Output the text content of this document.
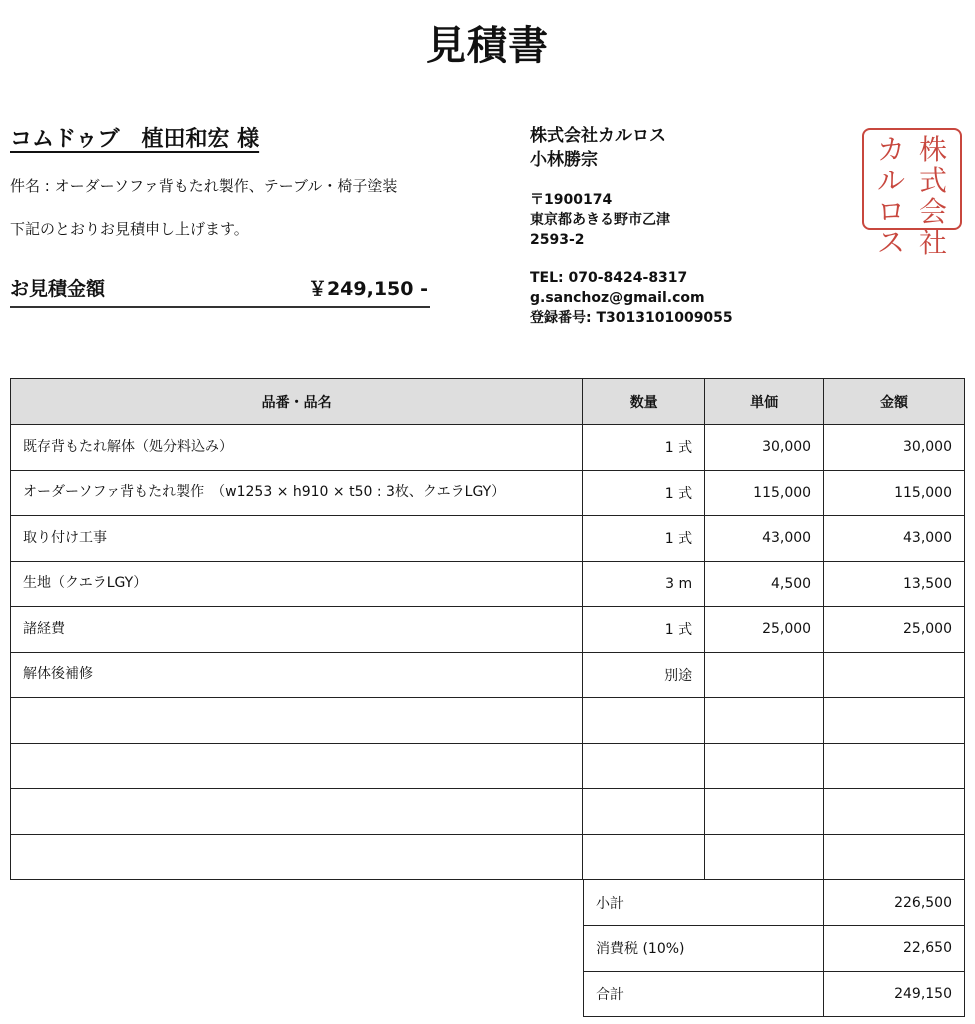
見積書
コムドゥブ　植田和宏 様
件名 : オーダーソファ背もたれ製作、テーブル・椅子塗装
下記のとおりお見積申し上げます。
お見積金額	￥249,150 -
株式会社カルロス
小林勝宗
〒1900174
東京都あきる野市乙津
2593-2
TEL: 070-8424-8317
g.sanchoz@gmail.com
登録番号: T3013101009055
株
式
会
社
カ
ル
ロ
ス
品番・品名	数量	単価	金額
既存背もたれ解体（処分料込み）	1 式	30,000	30,000
オーダーソファ背もたれ製作　（w1253 × h910 × t50 : 3枚、クエラLGY）	1 式	115,000	115,000
取り付け工事	1 式	43,000	43,000
生地（クエラLGY）	3 m	4,500	13,500
諸経費	1 式	25,000	25,000
解体後補修	別途		

小計	226,500
消費税 (10%)	22,650
合計	249,150
